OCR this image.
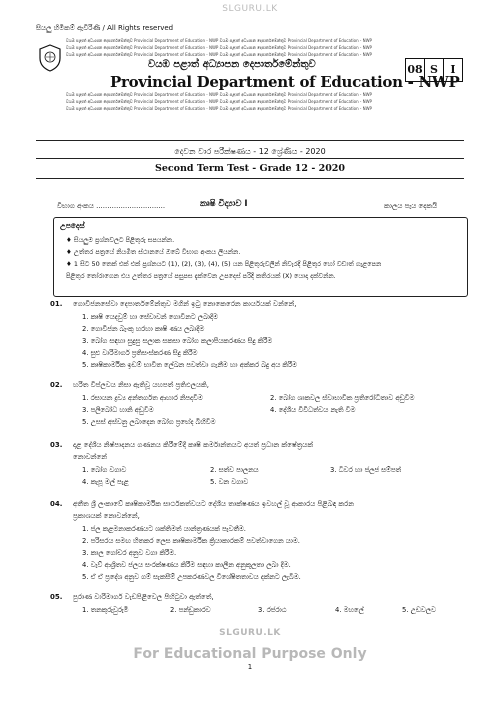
SLGURU.LK
සියලු හිමිකම් ඇවිරිණි / All Rights reserved
වයඹ පළාත් අධ්‍යාපන දෙපාර්තමේන්තුව Provincial Department of Education - NWP වයඹ පළාත් අධ්‍යාපන දෙපාර්තමේන්තුව Provincial Department of Education - NWP
වයඹ පළාත් අධ්‍යාපන දෙපාර්තමේන්තුව Provincial Department of Education - NWP වයඹ පළාත් අධ්‍යාපන දෙපාර්තමේන්තුව Provincial Department of Education - NWP
වයඹ පළාත් අධ්‍යාපන දෙපාර්තමේන්තුව Provincial Department of Education - NWP වයඹ පළාත් අධ්‍යාපන දෙපාර්තමේන්තුව Provincial Department of Education - NWP
වයඹ පළාත් අධ්‍යාපන දෙපාර්තමේන්තුව
Provincial Department of Education - NWP
වයඹ පළාත් අධ්‍යාපන දෙපාර්තමේන්තුව Provincial Department of Education - NWP වයඹ පළාත් අධ්‍යාපන දෙපාර්තමේන්තුව Provincial Department of Education - NWP
වයඹ පළාත් අධ්‍යාපන දෙපාර්තමේන්තුව Provincial Department of Education - NWP වයඹ පළාත් අධ්‍යාපන දෙපාර්තමේන්තුව Provincial Department of Education - NWP
වයඹ පළාත් අධ්‍යාපන දෙපාර්තමේන්තුව Provincial Department of Education - NWP වයඹ පළාත් අධ්‍යාපන දෙපාර්තමේන්තුව Provincial Department of Education - NWP
08 S	I
දෙවන වාර පරීක්ෂණය - 12 ශ්‍රේණිය - 2020
Second Term Test - Grade 12 - 2020
විභාග අංකය ...............................	කෘෂි විද්‍යාව I	කාලය පැය දෙකයි
උපදෙස්
♦ සියලුම ප්‍රශ්නවලට පිළිතුරු සපයන්න.
♦ උත්තර පත්‍රයේ නියමිත ස්ථානයේ ඔබේ විභාග අංකය ලියන්න.
♦ 1 සිට 50 තෙක් එක් එක් ප්‍රශ්නයට (1), (2), (3), (4), (5) යන පිළිතුරුවලින් නිවැරදි පිළිතුර හෝ වඩාත් ගැළපෙන
පිළිතුර තෝරාගෙන එය උත්තර පත්‍රයේ පසුපස දැක්වෙන උපදෙස් පරිදි කතිරයක් (X) යොදා දක්වන්න.
01. ගොවිජනසේවා දෙපාර්තමේන්තුව මගින් ඉටු නොකෙරෙන කාර්යයක් වන්නේ,
1. කෘෂි යෙදවුම් හා සේවාවන් ගොවීනට ලබාදීම
2. ගොවිජන බැංකු හරහා කෘෂි ණය ලබාදීම
3. බෝග සඳහා සුදුසු සලාක සකසා බෝග කලාපීයකරණය සිදු කිරීම
4. සුළු වාරිමාර්ග ප්‍රතිසංස්කරණ සිදු කිරීම
5. කෘෂිකාර්මික ඉඩම් භාවිත ලේඛන පවත්වා ගැනීම හා අක්කර බදු අය කිරීම
02. හරිත විප්ලවය නිසා ඇතිවූ යහපත් ප්‍රතිඵලයකි,
1. රසායන ද්‍රව්‍ය අන්තර්ගත ආහාර නිපදවීම	2. බෝග ශාකවල ස්වාභාවික ප්‍රතිරෝධීතාව අඩුවීම
3. පලිබෝධ හානි අඩුවීම	4. දේශීය විවිධත්වය නැති වීම
5. උසස් අස්වනු ලබාදෙන බෝග ප්‍රභේද බිහිවීම
03. දළ දේශීය නිෂ්පාදනය ගණනය කිරීමේදී කෘෂි කර්මාන්තයට අයත් ප්‍රධාන ක්ෂේත්‍රයක්
නොවන්නේ
1. බෝග වගාව	2. සත්ව පාලනය	3. ධීවර හා ජලජ සම්පත්
4. කැපූ මල් පැළ	5. වන වගාව
04. අතීත ශ්‍රී ලංකාවේ කෘෂිකාර්මික සාර්ථකත්වයට දේශීය තාක්ෂණය ඉවහල් වූ ආකාරය පිළිබඳ කරන
ප්‍රකාශයක් නොවන්නේ,
1. ජල කළමනාකරණයට ශක්තිමත් යාන්ත්‍රණයක් පැවතීම.
2. පරිසරය සමඟ හිතකර ලෙස කෘෂිකාර්මික ක්‍රියාකාරකම් පවත්වාගෙන යාම.
3. කාල ගෝචර අනුව වගා කිරීම.
4. වැව් ආශ්‍රිතව ජලය සංරක්ෂණය කිරීම සඳහා කාලීන අනුකූලතා ලබා දීම.
5. ඒ ඒ ප්‍රදේශ අනුව ගම් සැකසීම් උපකරණවල විශේෂිතතාවය දක්නට ලැබීම.
05. පුරාණ වාරිමාර්ග වැඩපිළිවෙල පිහිටුවා ඇත්තේ,
1. තනකුරුවුරුමි	2. පන්ඩුකාරව	3. රජරාඨ	4. මහලේ	5. උඩවලව
SLGURU.LK
For Educational Purpose Only
1
